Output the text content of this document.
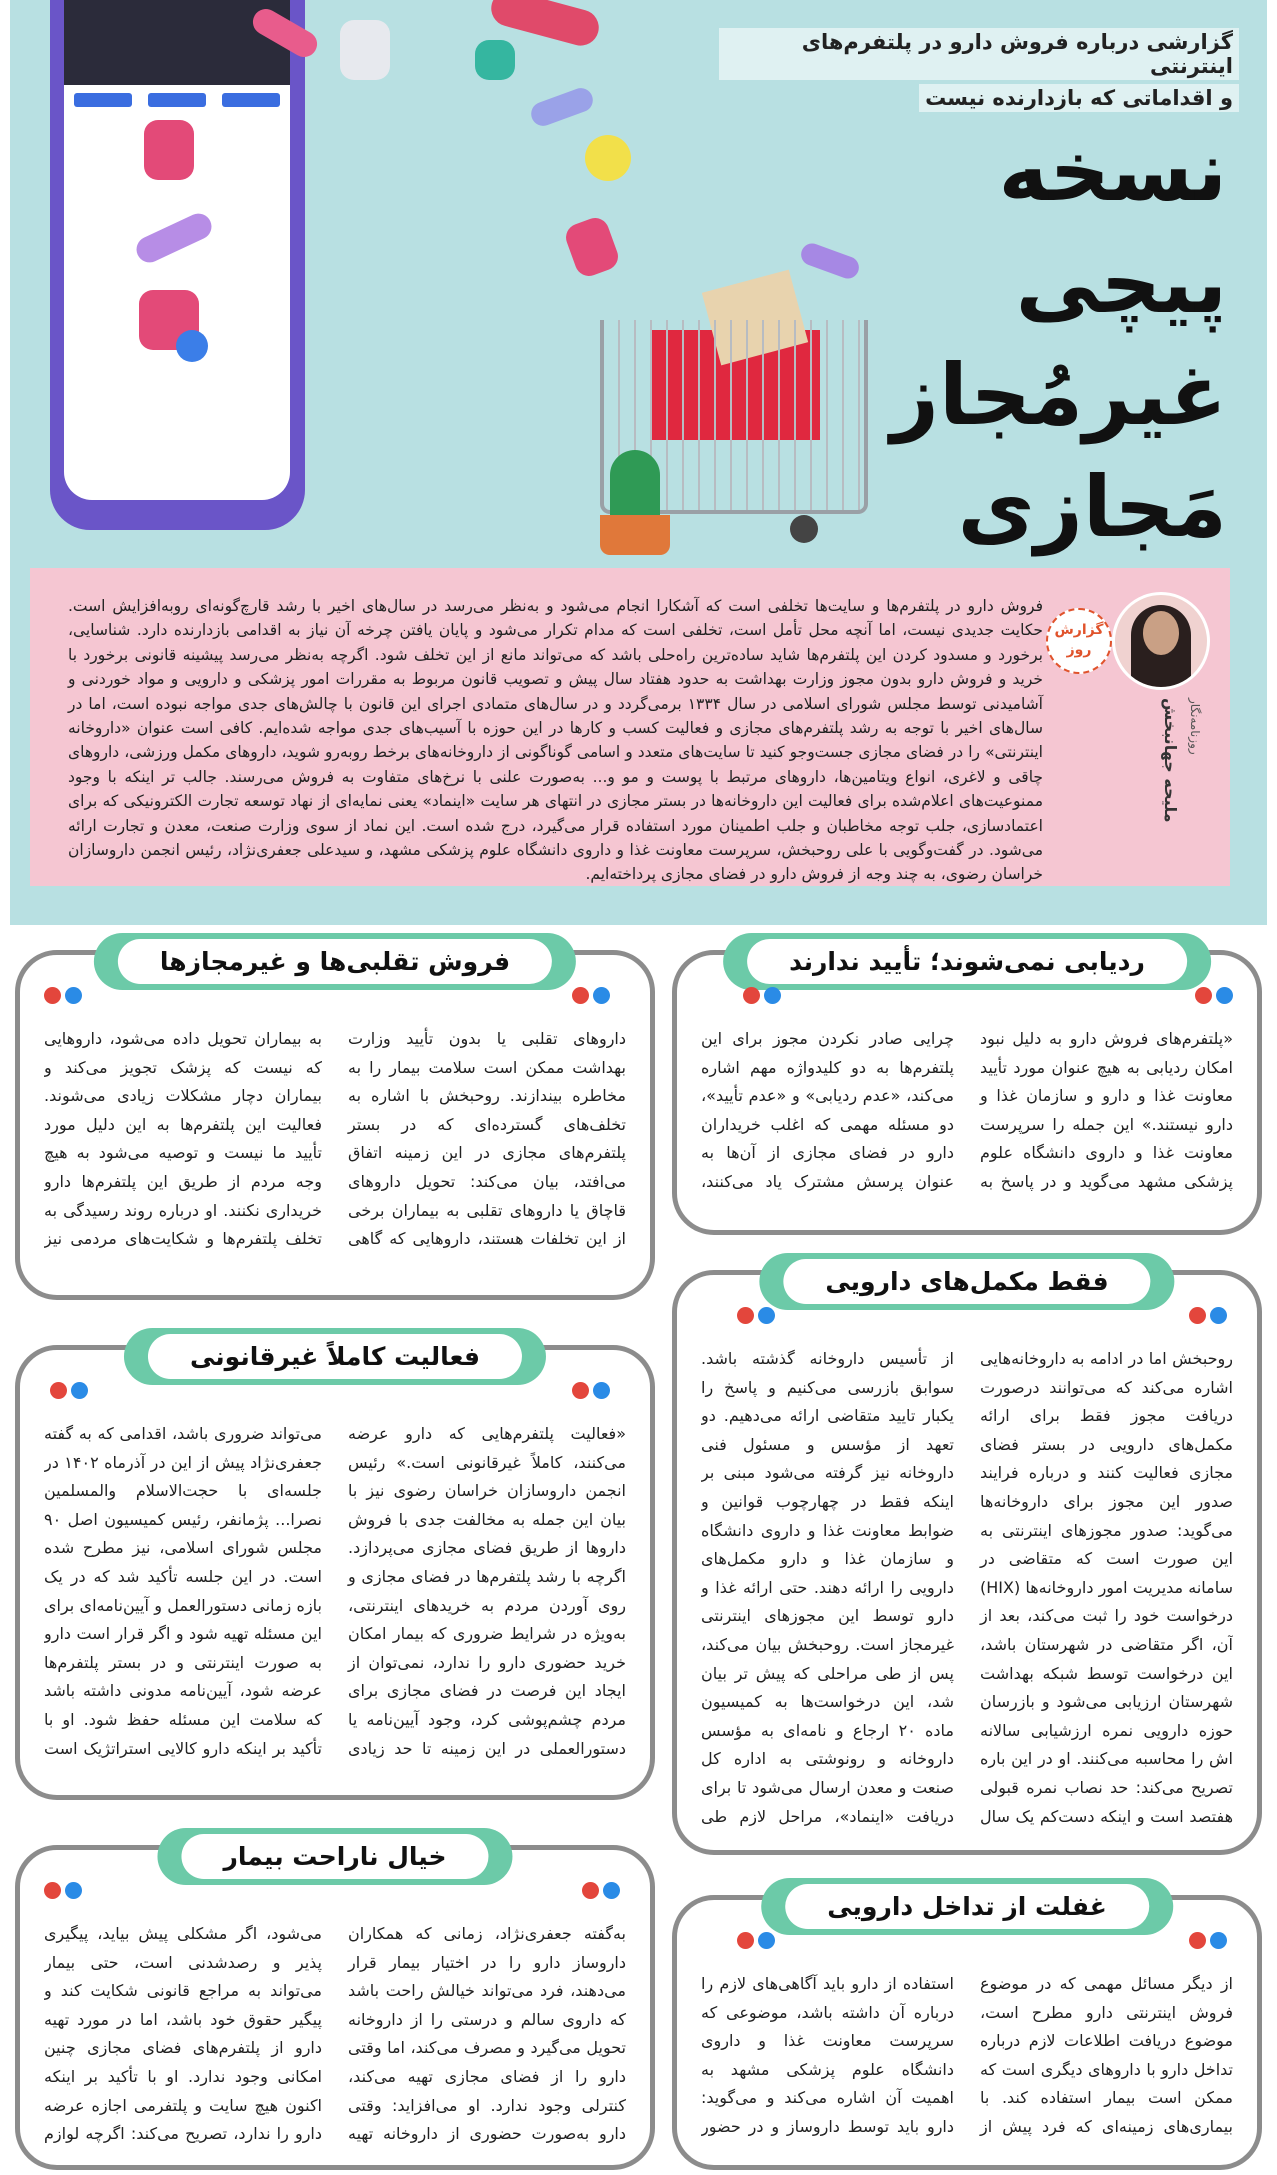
گزارشی درباره فروش دارو در پلتفرم‌های اینترنتی
و اقداماتی که بازدارنده نیست
نسخه پیچی
غیرمُجاز
مَجازی
گزارش
روز
ملیحه جهانبخش روزنامه‌نگار
فروش دارو در پلتفرم‌ها و سایت‌ها تخلفی است که آشکارا انجام می‌شود و به‌نظر می‌رسد در سال‌های اخیر با رشد قارچ‌گونه‌ای روبه‌افزایش است. حکایت جدیدی نیست، اما آنچه محل تأمل است، تخلفی است که مدام تکرار می‌شود و پایان یافتن چرخه آن نیاز به اقدامی بازدارنده دارد. شناسایی، برخورد و مسدود کردن این پلتفرم‌ها شاید ساده‌ترین راه‌حلی باشد که می‌تواند مانع از این تخلف شود. اگرچه به‌نظر می‌رسد پیشینه قانونی برخورد با خرید و فروش دارو بدون مجوز وزارت بهداشت به حدود هفتاد سال پیش و تصویب قانون مربوط به مقررات امور پزشکی و دارویی و مواد خوردنی و آشامیدنی توسط مجلس شورای اسلامی در سال ۱۳۳۴ برمی‌گردد و در سال‌های متمادی اجرای این قانون با چالش‌های جدی مواجه نبوده است، اما در سال‌های اخیر با توجه به رشد پلتفرم‌های مجازی و فعالیت کسب و کارها در این حوزه با آسیب‌های جدی مواجه شده‌ایم. کافی است عنوان «داروخانه اینترنتی» را در فضای مجازی جست‌وجو کنید تا سایت‌های متعدد و اسامی گوناگونی از داروخانه‌های برخط روبه‌رو شوید، داروهای مکمل ورزشی، داروهای چاقی و لاغری، انواع ویتامین‌ها، داروهای مرتبط با پوست و مو و... به‌صورت علنی با نرخ‌های متفاوت به فروش می‌رسند. جالب تر اینکه با وجود ممنوعیت‌های اعلام‌شده برای فعالیت این داروخانه‌ها در بستر مجازی در انتهای هر سایت «اینماد» یعنی نمایه‌ای از نهاد توسعه تجارت الکترونیکی که برای اعتمادسازی، جلب توجه مخاطبان و جلب اطمینان مورد استفاده قرار می‌گیرد، درج شده است. این نماد از سوی وزارت صنعت، معدن و تجارت ارائه می‌شود. در گفت‌وگویی با علی روحبخش، سرپرست معاونت غذا و داروی دانشگاه علوم پزشکی مشهد، و سیدعلی جعفری‌نژاد، رئیس انجمن داروسازان خراسان رضوی، به چند وجه از فروش دارو در فضای مجازی پرداخته‌ایم.
ردیابی نمی‌شوند؛ تأیید ندارند
«پلتفرم‌های فروش دارو به دلیل نبود امکان ردیابی به هیچ عنوان مورد تأیید معاونت غذا و دارو و سازمان غذا و دارو نیستند.» این جمله را سرپرست معاونت غذا و داروی دانشگاه علوم پزشکی مشهد می‌گوید و در پاسخ به چرایی صادر نکردن مجوز برای این پلتفرم‌ها به دو کلیدواژه مهم اشاره می‌کند، «عدم ردیابی» و «عدم تأیید»، دو مسئله مهمی که اغلب خریداران دارو در فضای مجازی از آن‌ها به عنوان پرسش مشترک یاد می‌کنند،
فروش تقلبی‌ها و غیرمجازها
داروهای تقلبی یا بدون تأیید وزارت بهداشت ممکن است سلامت بیمار را به مخاطره بیندازند. روحبخش با اشاره به تخلف‌های گسترده‌ای که در بستر پلتفرم‌های مجازی در این زمینه اتفاق می‌افتد، بیان می‌کند: تحویل داروهای قاچاق یا داروهای تقلبی به بیماران برخی از این تخلفات هستند، داروهایی که گاهی به بیماران تحویل داده می‌شود، داروهایی که نیست که پزشک تجویز می‌کند و بیماران دچار مشکلات زیادی می‌شوند. فعالیت این پلتفرم‌ها به این دلیل مورد تأیید ما نیست و توصیه می‌شود به هیچ وجه مردم از طریق این پلتفرم‌ها دارو خریداری نکنند. او درباره روند رسیدگی به تخلف پلتفرم‌ها و شکایت‌های مردمی نیز
فقط مکمل‌های دارویی
روحبخش اما در ادامه به داروخانه‌هایی اشاره می‌کند که می‌توانند درصورت دریافت مجوز فقط برای ارائه مکمل‌های دارویی در بستر فضای مجازی فعالیت کنند و درباره فرایند صدور این مجوز برای داروخانه‌ها می‌گوید: صدور مجوزهای اینترنتی به این صورت است که متقاضی در سامانه مدیریت امور داروخانه‌ها (HIX) درخواست خود را ثبت می‌کند، بعد از آن، اگر متقاضی در شهرستان باشد، این درخواست توسط شبکه بهداشت شهرستان ارزیابی می‌شود و بازرسان حوزه دارویی نمره ارزشیابی سالانه اش را محاسبه می‌کنند. او در این باره تصریح می‌کند: حد نصاب نمره قبولی هفتصد است و اینکه دست‌کم یک سال از تأسیس داروخانه گذشته باشد. سوابق بازرسی می‌کنیم و پاسخ را یکبار تایید متقاضی ارائه می‌دهیم. دو تعهد از مؤسس و مسئول فنی داروخانه نیز گرفته می‌شود مبنی بر اینکه فقط در چهارچوب قوانین و ضوابط معاونت غذا و داروی دانشگاه و سازمان غذا و دارو مکمل‌های دارویی را ارائه دهند. حتی ارائه غذا و دارو توسط این مجوزهای اینترنتی غیرمجاز است. روحبخش بیان می‌کند، پس از طی مراحلی که پیش تر بیان شد، این درخواست‌ها به کمیسیون ماده ۲۰ ارجاع و نامه‌ای به مؤسس داروخانه و رونوشتی به اداره کل صنعت و معدن ارسال می‌شود تا برای دریافت «اینماد»، مراحل لازم طی
فعالیت کاملاً غیرقانونی
«فعالیت پلتفرم‌هایی که دارو عرضه می‌کنند، کاملاً غیرقانونی است.» رئیس انجمن داروسازان خراسان رضوی نیز با بیان این جمله به مخالفت جدی با فروش داروها از طریق فضای مجازی می‌پردازد. اگرچه با رشد پلتفرم‌ها در فضای مجازی و روی آوردن مردم به خریدهای اینترنتی، به‌ویژه در شرایط ضروری که بیمار امکان خرید حضوری دارو را ندارد، نمی‌توان از ایجاد این فرصت در فضای مجازی برای مردم چشم‌پوشی کرد، وجود آیین‌نامه یا دستورالعملی در این زمینه تا حد زیادی می‌تواند ضروری باشد، اقدامی که به گفته جعفری‌نژاد پیش از این در آذرماه ۱۴۰۲ در جلسه‌ای با حجت‌الاسلام والمسلمین نصرا... پژمانفر، رئیس کمیسیون اصل ۹۰ مجلس شورای اسلامی، نیز مطرح شده است. در این جلسه تأکید شد که در یک بازه زمانی دستورالعمل و آیین‌نامه‌ای برای این مسئله تهیه شود و اگر قرار است دارو به صورت اینترنتی و در بستر پلتفرم‌ها عرضه شود، آیین‌نامه مدونی داشته باشد که سلامت این مسئله حفظ شود. او با تأکید بر اینکه دارو کالایی استراتژیک است
خیال ناراحت بیمار
به‌گفته جعفری‌نژاد، زمانی که همکاران داروساز دارو را در اختیار بیمار قرار می‌دهند، فرد می‌تواند خیالش راحت باشد که داروی سالم و درستی را از داروخانه تحویل می‌گیرد و مصرف می‌کند، اما وقتی دارو را از فضای مجازی تهیه می‌کند، کنترلی وجود ندارد. او می‌افزاید: وقتی دارو به‌صورت حضوری از داروخانه تهیه می‌شود، اگر مشکلی پیش بیاید، پیگیری پذیر و رصدشدنی است، حتی بیمار می‌تواند به مراجع قانونی شکایت کند و پیگیر حقوق خود باشد، اما در مورد تهیه دارو از پلتفرم‌های فضای مجازی چنین امکانی وجود ندارد. او با تأکید بر اینکه اکنون هیچ سایت و پلتفرمی اجازه عرضه دارو را ندارد، تصریح می‌کند: اگرچه لوازم
غفلت از تداخل دارویی
از دیگر مسائل مهمی که در موضوع فروش اینترنتی دارو مطرح است، موضوع دریافت اطلاعات لازم درباره تداخل دارو با داروهای دیگری است که ممکن است بیمار استفاده کند. با بیماری‌های زمینه‌ای که فرد پیش از استفاده از دارو باید آگاهی‌های لازم را درباره آن داشته باشد، موضوعی که سرپرست معاونت غذا و داروی دانشگاه علوم پزشکی مشهد به اهمیت آن اشاره می‌کند و می‌گوید: دارو باید توسط داروساز و در حضور
